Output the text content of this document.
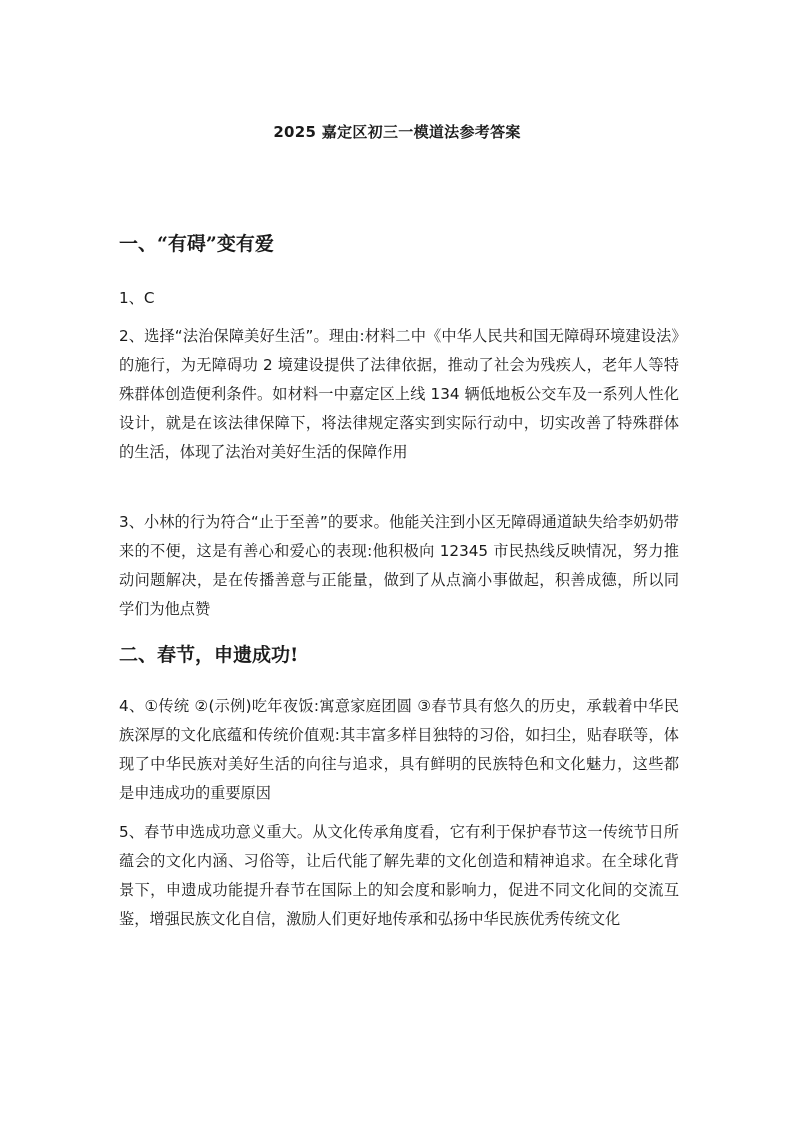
2025 嘉定区初三一模道法参考答案
一、“有碍”变有爱
1、C
2、选择“法治保障美好生活”。理由:材料二中《中华人民共和国无障碍环境建设法》的施行，为无障碍功 2 境建设提供了法律依据，推动了社会为残疾人，老年人等特殊群体创造便利条件。如材料一中嘉定区上线 134 辆低地板公交车及一系列人性化设计，就是在该法律保障下，将法律规定落实到实际行动中，切实改善了特殊群体的生活，体现了法治对美好生活的保障作用
3、小林的行为符合“止于至善”的要求。他能关注到小区无障碍通道缺失给李奶奶带来的不便，这是有善心和爱心的表现:他积极向 12345 市民热线反映情况，努力推动问题解决，是在传播善意与正能量，做到了从点滴小事做起，积善成德，所以同学们为他点赞
二、春节，申遗成功!
4、①传统 ②(示例)吃年夜饭:寓意家庭团圆 ③春节具有悠久的历史，承载着中华民族深厚的文化底蕴和传统价值观:其丰富多样目独特的习俗，如扫尘，贴春联等，体现了中华民族对美好生活的向往与追求，具有鲜明的民族特色和文化魅力，这些都是申违成功的重要原因
5、春节申选成功意义重大。从文化传承角度看，它有利于保护春节这一传统节日所蕴会的文化内涵、习俗等，让后代能了解先辈的文化创造和精神追求。在全球化背景下，申遗成功能提升春节在国际上的知会度和影响力，促进不同文化间的交流互鉴，增强民族文化自信，激励人们更好地传承和弘扬中华民族优秀传统文化
